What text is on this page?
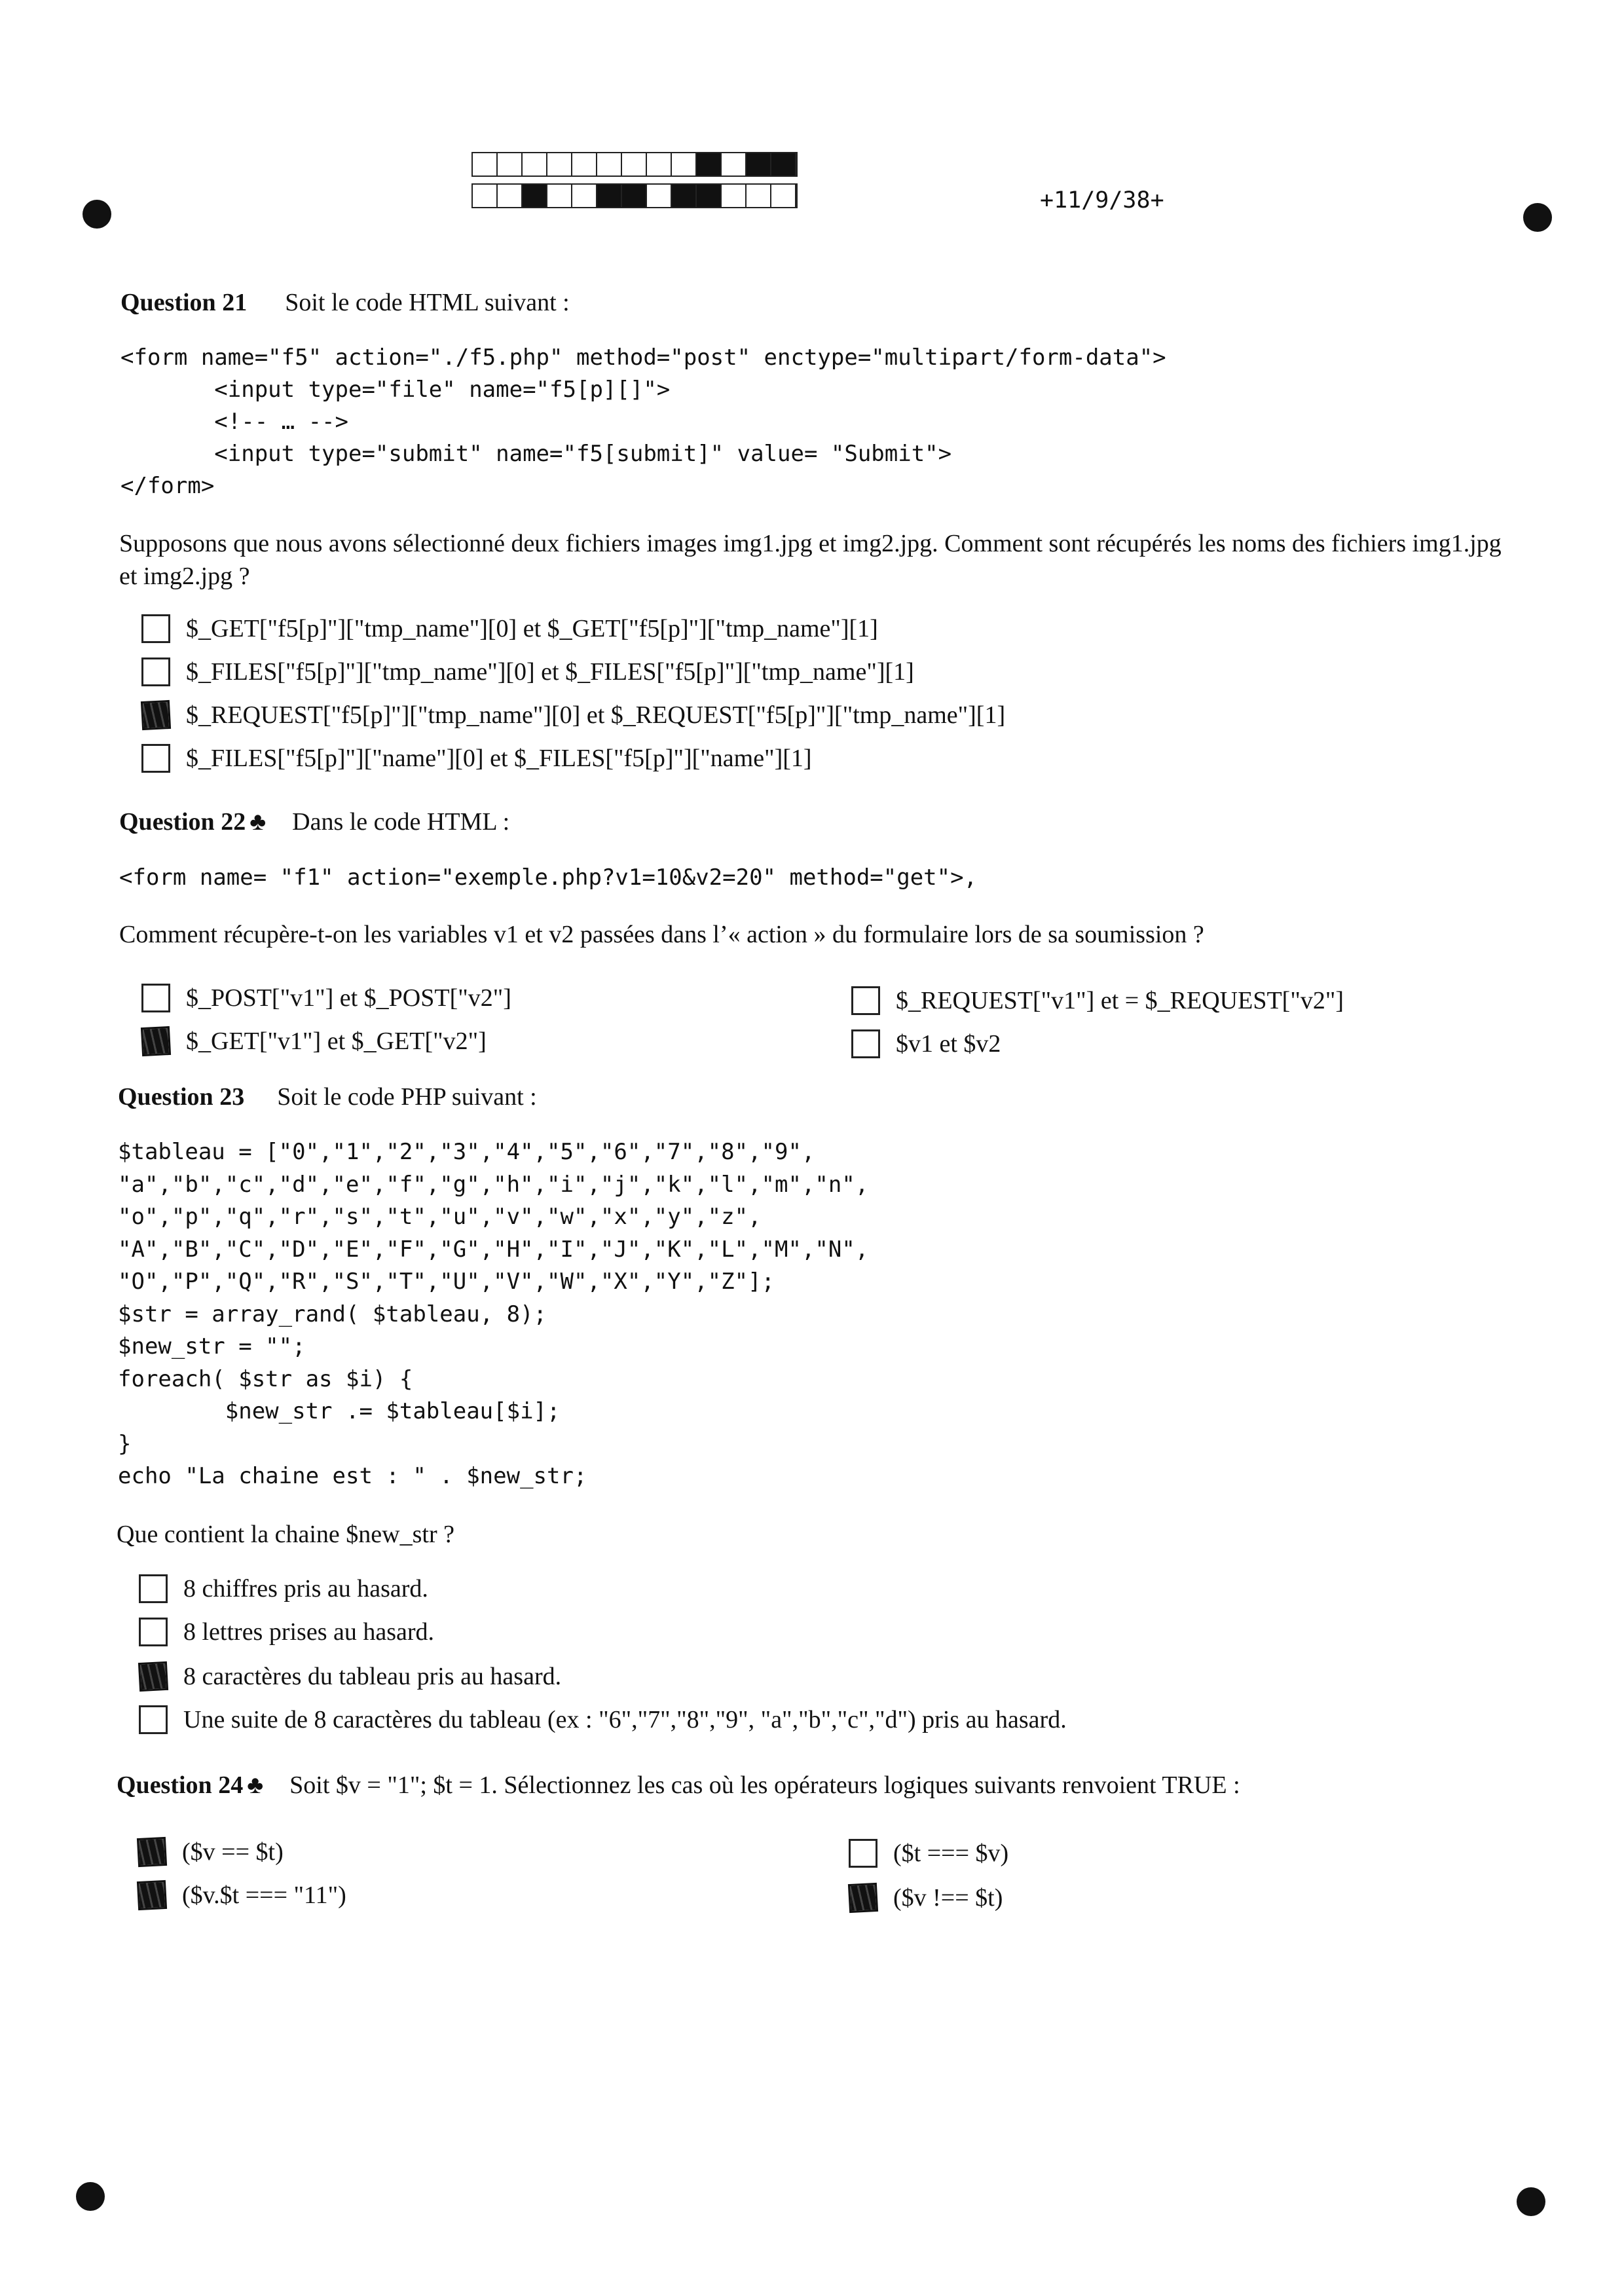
+11/9/38+
Question 21 Soit le code HTML suivant :
<form name="f5" action="./f5.php" method="post" enctype="multipart/form-data">
<input type="file" name="f5[p][]">
<!-- … -->
<input type="submit" name="f5[submit]" value= "Submit">
</form>
Supposons que nous avons sélectionné deux fichiers images img1.jpg et img2.jpg. Comment sont récupérés les noms des fichiers img1.jpg et img2.jpg ?
$_GET["f5[p]"]["tmp_name"][0] et $_GET["f5[p]"]["tmp_name"][1]
$_FILES["f5[p]"]["tmp_name"][0] et $_FILES["f5[p]"]["tmp_name"][1]
$_REQUEST["f5[p]"]["tmp_name"][0] et $_REQUEST["f5[p]"]["tmp_name"][1]
$_FILES["f5[p]"]["name"][0] et $_FILES["f5[p]"]["name"][1]
Question 22 ♣ Dans le code HTML :
<form name= "f1" action="exemple.php?v1=10&v2=20" method="get">,
Comment récupère-t-on les variables v1 et v2 passées dans l’« action » du formulaire lors de sa soumission ?
$_POST["v1"] et $_POST["v2"]
$_GET["v1"] et $_GET["v2"]
$_REQUEST["v1"] et = $_REQUEST["v2"]
$v1 et $v2
Question 23 Soit le code PHP suivant :
$tableau = ["0","1","2","3","4","5","6","7","8","9",
"a","b","c","d","e","f","g","h","i","j","k","l","m","n",
"o","p","q","r","s","t","u","v","w","x","y","z",
"A","B","C","D","E","F","G","H","I","J","K","L","M","N",
"O","P","Q","R","S","T","U","V","W","X","Y","Z"];
$str = array_rand( $tableau, 8);
$new_str = "";
foreach( $str as $i) {
$new_str .= $tableau[$i];
}
echo "La chaine est : " . $new_str;
Que contient la chaine $new_str ?
8 chiffres pris au hasard.
8 lettres prises au hasard.
8 caractères du tableau pris au hasard.
Une suite de 8 caractères du tableau (ex : "6","7","8","9", "a","b","c","d") pris au hasard.
Question 24 ♣ Soit $v = "1"; $t = 1. Sélectionnez les cas où les opérateurs logiques suivants renvoient TRUE :
($v == $t)
($v.$t === "11")
($t === $v)
($v !== $t)
